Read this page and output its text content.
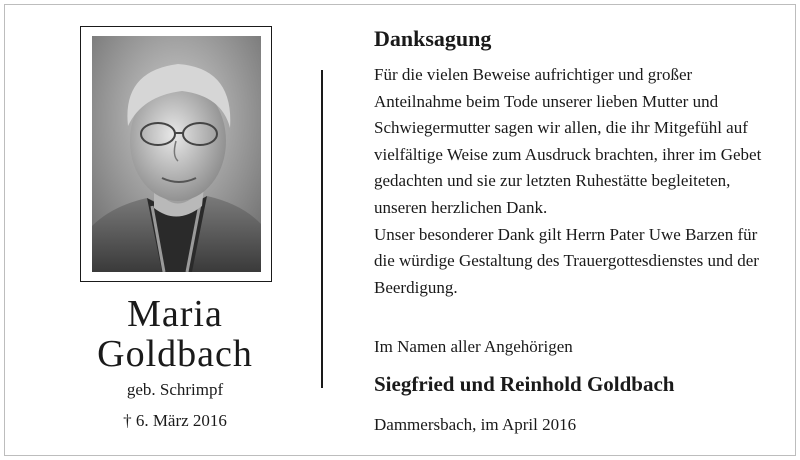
Maria
Goldbach
geb. Schrimpf
† 6. März 2016
Danksagung

Für die vielen Beweise aufrichtiger und großer Anteilnahme beim Tode unserer lieben Mutter und Schwiegermutter sagen wir allen, die ihr Mitgefühl auf vielfältige Weise zum Ausdruck brachten, ihrer im Gebet gedachten und sie zur letzten Ruhestätte begleiteten, unseren herzlichen Dank.

Unser besonderer Dank gilt Herrn Pater Uwe Barzen für die würdige Gestaltung des Trauergottesdienstes und der Beerdigung.

Im Namen aller Angehörigen
Siegfried und Reinhold Goldbach
Dammersbach, im April 2016
